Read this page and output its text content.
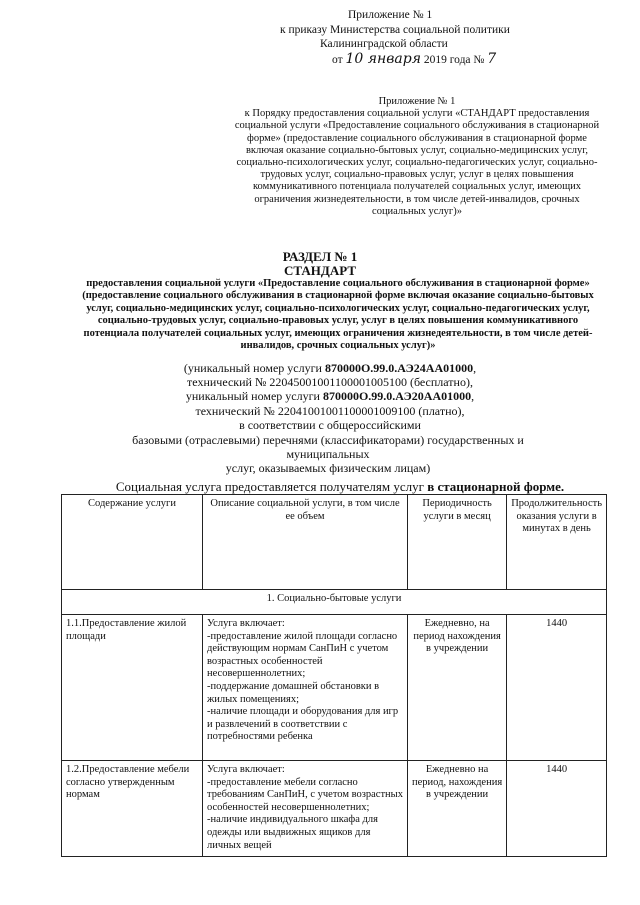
Приложение № 1
к приказу Министерства социальной политики
Калининградской области
от 10 января 2019 года № 7
Приложение № 1
к Порядку предоставления социальной услуги «СТАНДАРТ предоставления социальной услуги «Предоставление социального обслуживания в стационарной форме» (предоставление социального обслуживания в стационарной форме включая оказание социально-бытовых услуг, социально-медицинских услуг, социально-психологических услуг, социально-педагогических услуг, социально-трудовых услуг, социально-правовых услуг, услуг в целях повышения коммуникативного потенциала получателей социальных услуг, имеющих ограничения жизнедеятельности, в том числе детей-инвалидов, срочных социальных услуг)»
РАЗДЕЛ № 1
СТАНДАРТ
предоставления социальной услуги «Предоставление социального обслуживания в стационарной форме» (предоставление социального обслуживания в стационарной форме включая оказание социально-бытовых услуг, социально-медицинских услуг, социально-психологических услуг, социально-педагогических услуг, социально-трудовых услуг, социально-правовых услуг, услуг в целях повышения коммуникативного потенциала получателей социальных услуг, имеющих ограничения жизнедеятельности, в том числе детей-инвалидов, срочных социальных услуг)»
(уникальный номер услуги 870000О.99.0.АЭ24АА01000,
технический № 22045001001100001005100 (бесплатно),
уникальный номер услуги 870000О.99.0.АЭ20АА01000,
технический № 22041001001100001009100 (платно),
в соответствии с общероссийскими
базовыми (отраслевыми) перечнями (классификаторами) государственных и
муниципальных
услуг, оказываемых физическим лицам)
Социальная услуга предоставляется получателям услуг в стационарной форме.
Содержание услуги	Описание социальной услуги, в том числе ее объем	Периодичность услуги в месяц	Продолжительность оказания услуги в минутах в день
1. Социально-бытовые услуги			
1.1.Предоставление жилой площади	Услуга включает:
-предоставление жилой площади согласно действующим нормам СанПиН с учетом возрастных особенностей несовершеннолетних;
-поддержание домашней обстановки в жилых помещениях;
-наличие площади и оборудования для игр и развлечений в соответствии с потребностями ребенка	Ежедневно, на период нахождения в учреждении	1440
1.2.Предоставление мебели согласно утвержденным нормам	Услуга включает:
-предоставление мебели согласно требованиям СанПиН, с учетом возрастных особенностей несовершеннолетних;
-наличие индивидуального шкафа для одежды или выдвижных ящиков для личных вещей	Ежедневно на период, нахождения в учреждении	1440
